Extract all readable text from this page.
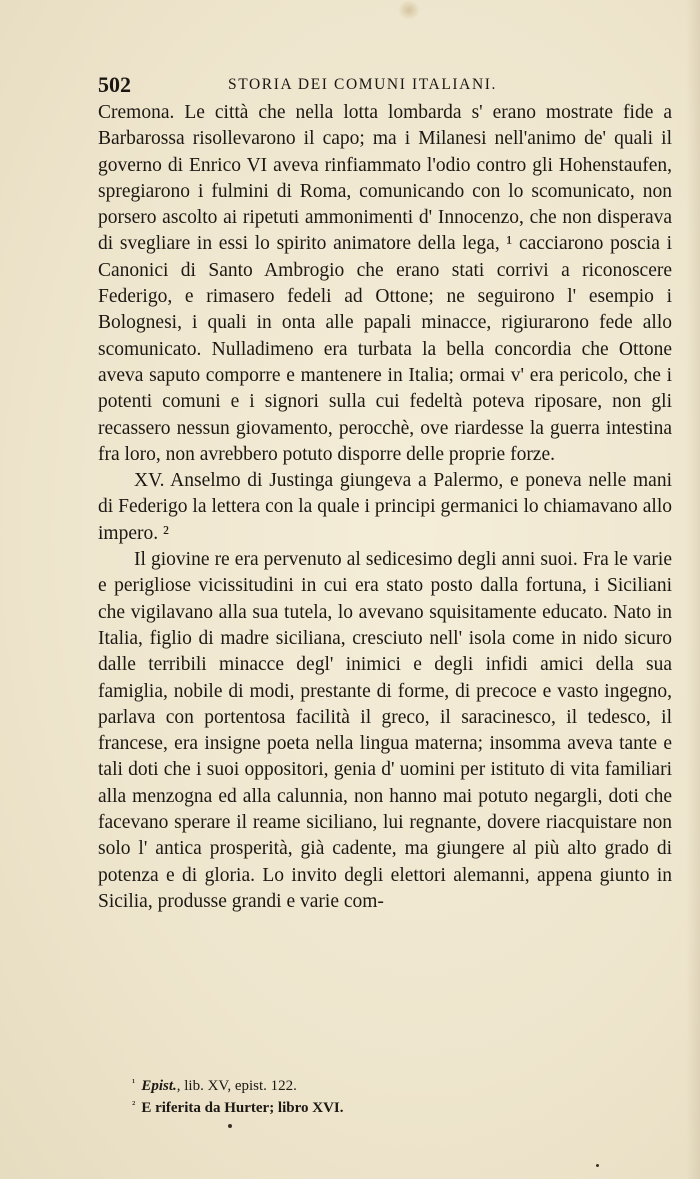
502	STORIA DEI COMUNI ITALIANI.

Cremona. Le città che nella lotta lombarda s' erano mostrate fide a Barbarossa risollevarono il capo; ma i Milanesi nell'animo de' quali il governo di Enrico VI aveva rinfiammato l'odio contro gli Hohenstaufen, spregiarono i fulmini di Roma, comunicando con lo scomunicato, non porsero ascolto ai ripetuti ammonimenti d' Innocenzo, che non disperava di svegliare in essi lo spirito animatore della lega, ¹ cacciarono poscia i Canonici di Santo Ambrogio che erano stati corrivi a riconoscere Federigo, e rimasero fedeli ad Ottone; ne seguirono l' esempio i Bolognesi, i quali in onta alle papali minacce, rigiurarono fede allo scomunicato. Nulladimeno era turbata la bella concordia che Ottone aveva saputo comporre e mantenere in Italia; ormai v' era pericolo, che i potenti comuni e i signori sulla cui fedeltà poteva riposare, non gli recassero nessun giovamento, perocchè, ove riardesse la guerra intestina fra loro, non avrebbero potuto disporre delle proprie forze.

XV. Anselmo di Justinga giungeva a Palermo, e poneva nelle mani di Federigo la lettera con la quale i principi germanici lo chiamavano allo impero. ²

Il giovine re era pervenuto al sedicesimo degli anni suoi. Fra le varie e perigliose vicissitudini in cui era stato posto dalla fortuna, i Siciliani che vigilavano alla sua tutela, lo avevano squisitamente educato. Nato in Italia, figlio di madre siciliana, cresciuto nell' isola come in nido sicuro dalle terribili minacce degl' inimici e degli infidi amici della sua famiglia, nobile di modi, prestante di forme, di precoce e vasto ingegno, parlava con portentosa facilità il greco, il saracinesco, il tedesco, il francese, era insigne poeta nella lingua materna; insomma aveva tante e tali doti che i suoi oppositori, genia d' uomini per istituto di vita familiari alla menzogna ed alla calunnia, non hanno mai potuto negargli, doti che facevano sperare il reame siciliano, lui regnante, dovere riacquistare non solo l' antica prosperità, già cadente, ma giungere al più alto grado di potenza e di gloria. Lo invito degli elettori alemanni, appena giunto in Sicilia, produsse grandi e varie com-

$^{^1}$ Epist., lib. XV, epist. 122.
$^{^2}$ E riferita da Hurter; libro XVI.
